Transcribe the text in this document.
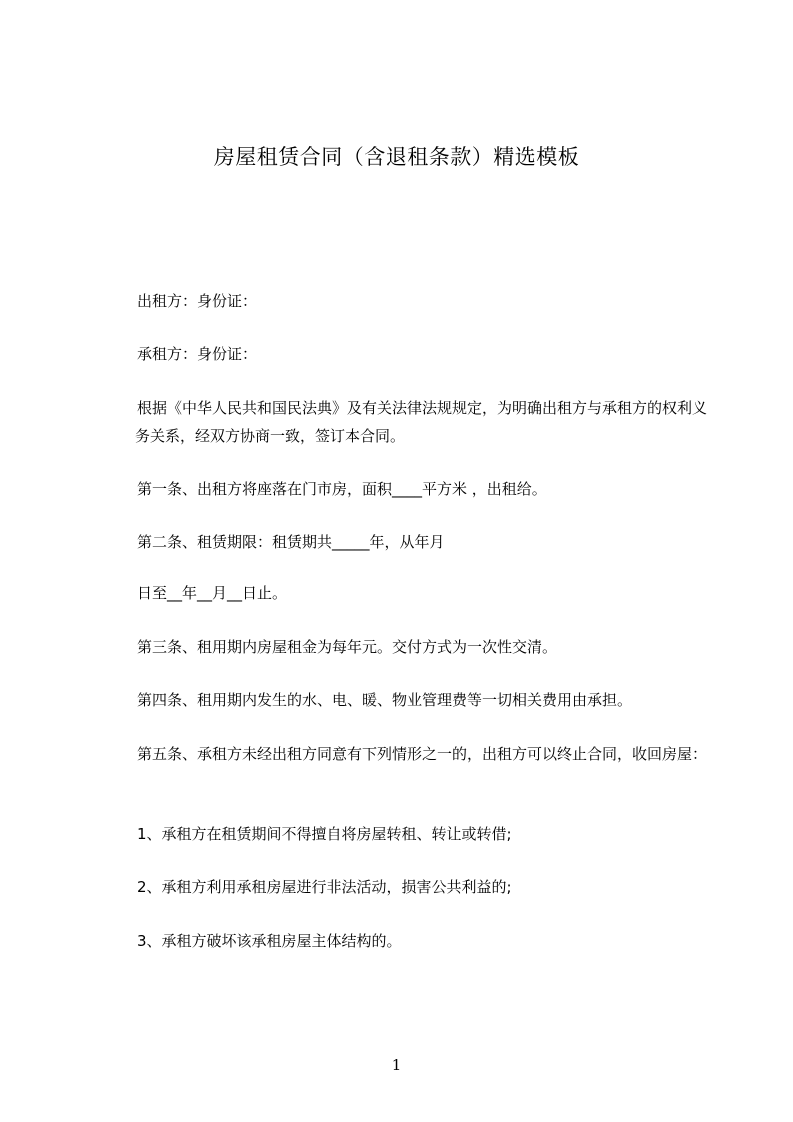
房屋租赁合同（含退租条款）精选模板
出租方：身份证：
承租方：身份证：
根据《中华人民共和国民法典》及有关法律法规规定，为明确出租方与承租方的权利义务关系，经双方协商一致，签订本合同。
第一条、出租方将座落在门市房，面积____平方米 ，出租给。
第二条、租赁期限：租赁期共_____年，从年月
日至__年__月__日止。
第三条、租用期内房屋租金为每年元。交付方式为一次性交清。
第四条、租用期内发生的水、电、暖、物业管理费等一切相关费用由承担。
第五条、承租方未经出租方同意有下列情形之一的，出租方可以终止合同，收回房屋：
1、承租方在租赁期间不得擅自将房屋转租、转让或转借;
2、承租方利用承租房屋进行非法活动，损害公共利益的;
3、承租方破坏该承租房屋主体结构的。
1
